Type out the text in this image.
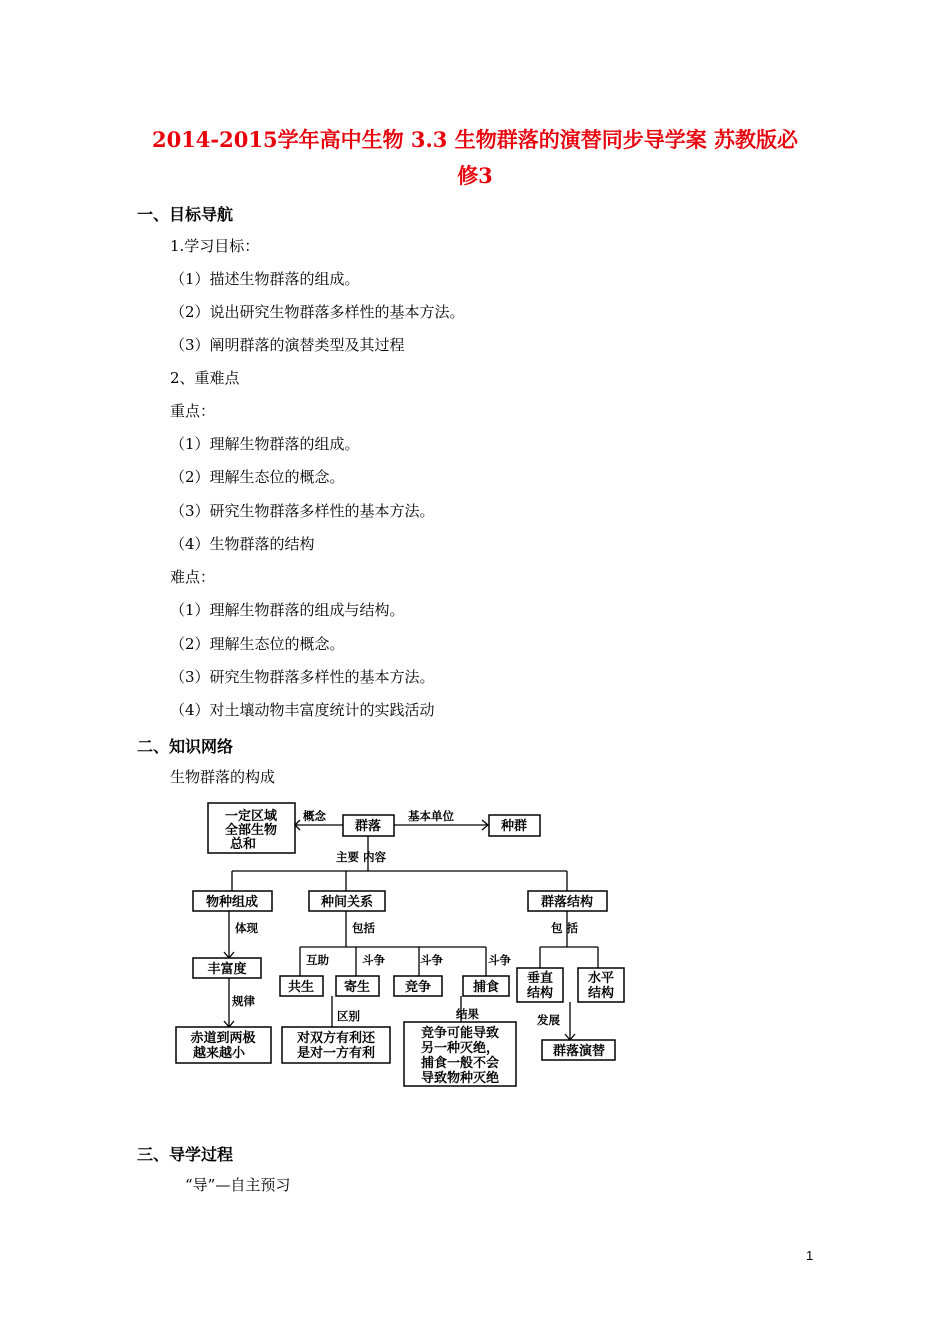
2014-2015学年高中生物 3.3 生物群落的演替同步导学案 苏教版必
修3
一、目标导航
1.学习目标：
（1）描述生物群落的组成。
（2）说出研究生物群落多样性的基本方法。
（3）阐明群落的演替类型及其过程
2、重难点
重点：
（1）理解生物群落的组成。
（2）理解生态位的概念。
（3）研究生物群落多样性的基本方法。
（4）生物群落的结构
难点：
（1）理解生物群落的组成与结构。
（2）理解生态位的概念。
（3）研究生物群落多样性的基本方法。
（4）对土壤动物丰富度统计的实践活动
二、知识网络
生物群落的构成
一定区域
全部生物
总和
群落	种群
物种组成	种间关系	群落结构
丰富度
共生 寄生	竞争	捕食
垂直
结构
水平
结构
赤道到两极
越来越小
对双方有利还
是对一方有利
竞争可能导致
另一种灭绝，
捕食一般不会
导致物种灭绝
群落演替
概念	基本单位
主要 内容
体现	包括	包 括
互助	斗争	斗争	斗争
规律
区别	结果	发展
三、导学过程
“导”—自主预习
1
